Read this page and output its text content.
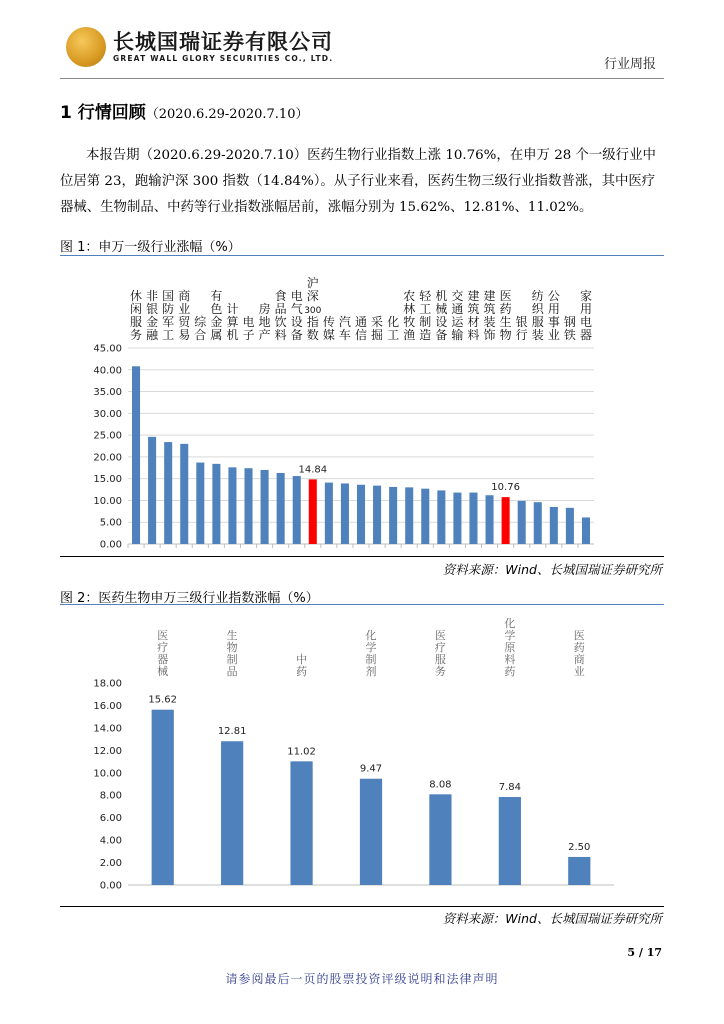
长城国瑞证券有限公司
GREAT WALL GLORY SECURITIES CO., LTD.	行业周报
1 行情回顾（2020.6.29-2020.7.10）

本报告期（2020.6.29-2020.7.10）医药生物行业指数上涨 10.76%，在申万 28 个一级行业中位居第 23，跑输沪深 300 指数（14.84%）。从子行业来看，医药生物三级行业指数普涨，其中医疗器械、生物制品、中药等行业指数涨幅居前，涨幅分别为 15.62%、12.81%、11.02%。

图 1：申万一级行业涨幅（%）
0.00
5.00
10.00
15.00
20.00
25.00
30.00
35.00
40.00
45.00
休闲服务
非银金融
国防军工
商业贸易
综合
有色金属
计算机
电子
房地产
食品饮料
电气设备
14.84
沪深 300 指数
传媒
汽车
通信
采掘
化工
农林牧渔
轻工制造
机械设备
交通运输
建筑材料
建筑装饰
10.76
医药生物
银行
纺织服装
公用事业
钢铁
家用电器
资料来源：Wind、长城国瑞证券研究所
图 2：医药生物申万三级行业指数涨幅（%）
0.00
2.00
4.00
6.00
8.00
10.00
12.00
14.00
16.00
18.00
15.62
医疗器械
12.81
生物制品
11.02
中药
9.47
化学制剂
8.08
医疗服务
7.84
化学原料药
2.50
医药商业
资料来源：Wind、长城国瑞证券研究所
5 / 17
请参阅最后一页的股票投资评级说明和法律声明
